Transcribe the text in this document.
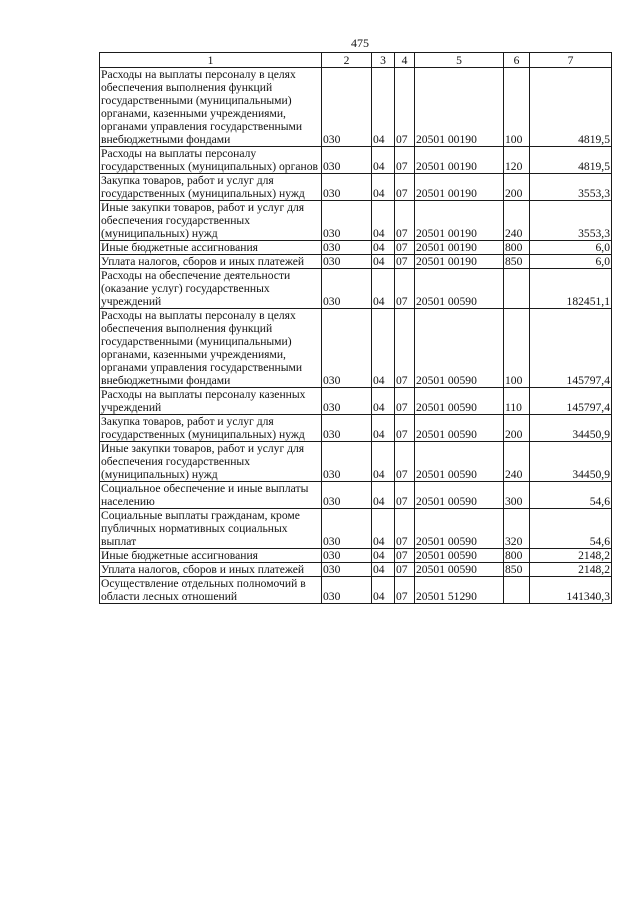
475
1	2	3	4	5	6	7
Расходы на выплаты персоналу в целях обеспечения выполнения функций государственными (муниципальными) органами, казенными учреждениями, органами управления государственными внебюджетными фондами	030	04	07	20501 00190	100	4819,5
Расходы на выплаты персоналу государственных (муниципальных) органов	030	04	07	20501 00190	120	4819,5
Закупка товаров, работ и услуг для государственных (муниципальных) нужд	030	04	07	20501 00190	200	3553,3
Иные закупки товаров, работ и услуг для обеспечения государственных (муниципальных) нужд	030	04	07	20501 00190	240	3553,3
Иные бюджетные ассигнования	030	04	07	20501 00190	800	6,0
Уплата налогов, сборов и иных платежей	030	04	07	20501 00190	850	6,0
Расходы на обеспечение деятельности (оказание услуг) государственных учреждений	030	04	07	20501 00590		182451,1
Расходы на выплаты персоналу в целях обеспечения выполнения функций государственными (муниципальными) органами, казенными учреждениями, органами управления государственными внебюджетными фондами	030	04	07	20501 00590	100	145797,4
Расходы на выплаты персоналу казенных учреждений	030	04	07	20501 00590	110	145797,4
Закупка товаров, работ и услуг для государственных (муниципальных) нужд	030	04	07	20501 00590	200	34450,9
Иные закупки товаров, работ и услуг для обеспечения государственных (муниципальных) нужд	030	04	07	20501 00590	240	34450,9
Социальное обеспечение и иные выплаты населению	030	04	07	20501 00590	300	54,6
Социальные выплаты гражданам, кроме публичных нормативных социальных выплат	030	04	07	20501 00590	320	54,6
Иные бюджетные ассигнования	030	04	07	20501 00590	800	2148,2
Уплата налогов, сборов и иных платежей	030	04	07	20501 00590	850	2148,2
Осуществление отдельных полномочий в области лесных отношений	030	04	07	20501 51290		141340,3
